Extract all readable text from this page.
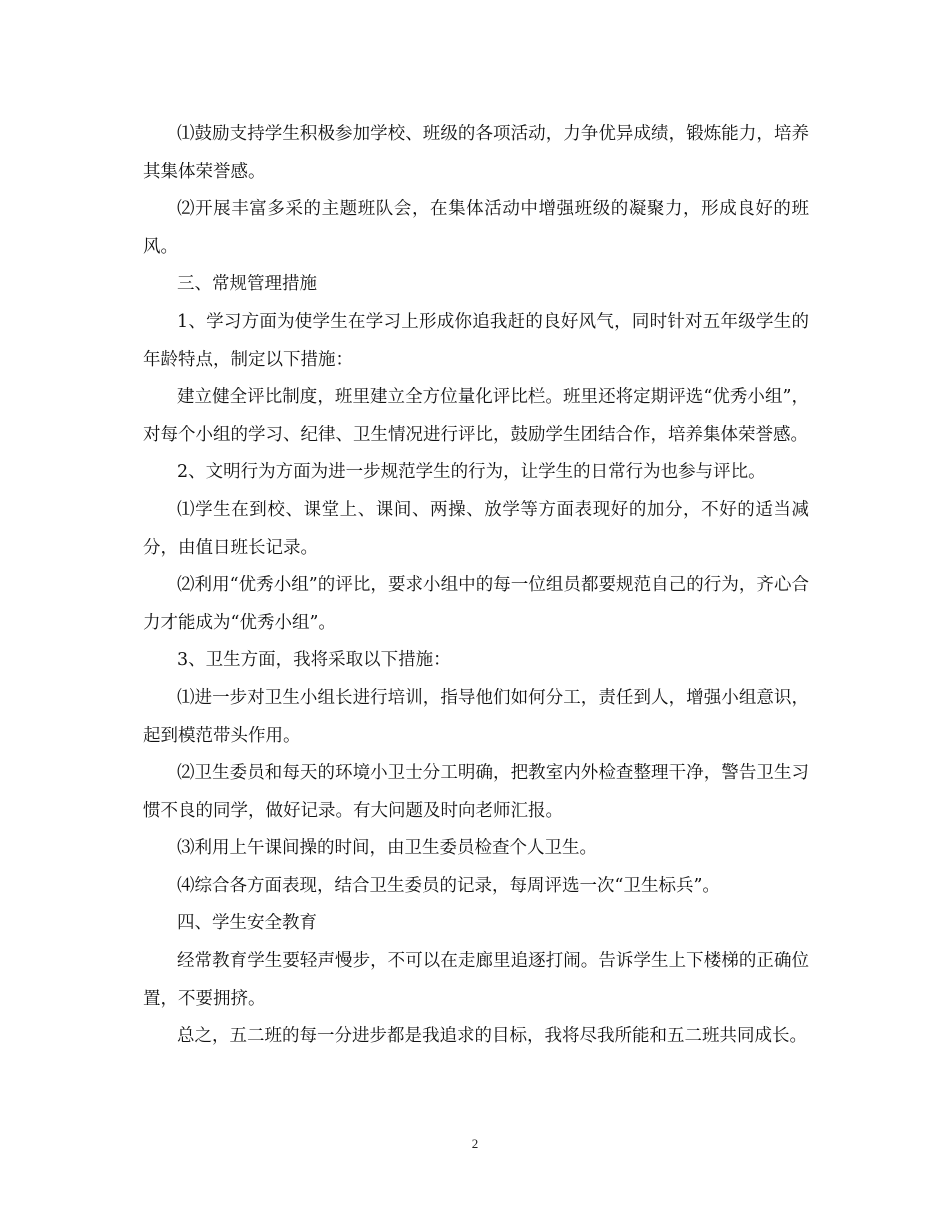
⑴鼓励支持学生积极参加学校、班级的各项活动，力争优异成绩，锻炼能力，培养其集体荣誉感。

⑵开展丰富多采的主题班队会，在集体活动中增强班级的凝聚力，形成良好的班风。

三、常规管理措施

1、学习方面为使学生在学习上形成你追我赶的良好风气，同时针对五年级学生的年龄特点，制定以下措施：

建立健全评比制度，班里建立全方位量化评比栏。班里还将定期评选“优秀小组”，对每个小组的学习、纪律、卫生情况进行评比，鼓励学生团结合作，培养集体荣誉感。

2、文明行为方面为进一步规范学生的行为，让学生的日常行为也参与评比。

⑴学生在到校、课堂上、课间、两操、放学等方面表现好的加分，不好的适当减分，由值日班长记录。

⑵利用“优秀小组”的评比，要求小组中的每一位组员都要规范自己的行为，齐心合力才能成为“优秀小组”。

3、卫生方面，我将采取以下措施：

⑴进一步对卫生小组长进行培训，指导他们如何分工，责任到人，增强小组意识，起到模范带头作用。

⑵卫生委员和每天的环境小卫士分工明确，把教室内外检查整理干净，警告卫生习惯不良的同学，做好记录。有大问题及时向老师汇报。

⑶利用上午课间操的时间，由卫生委员检查个人卫生。

⑷综合各方面表现，结合卫生委员的记录，每周评选一次“卫生标兵”。

四、学生安全教育

经常教育学生要轻声慢步，不可以在走廊里追逐打闹。告诉学生上下楼梯的正确位置，不要拥挤。

总之，五二班的每一分进步都是我追求的目标，我将尽我所能和五二班共同成长。

2
